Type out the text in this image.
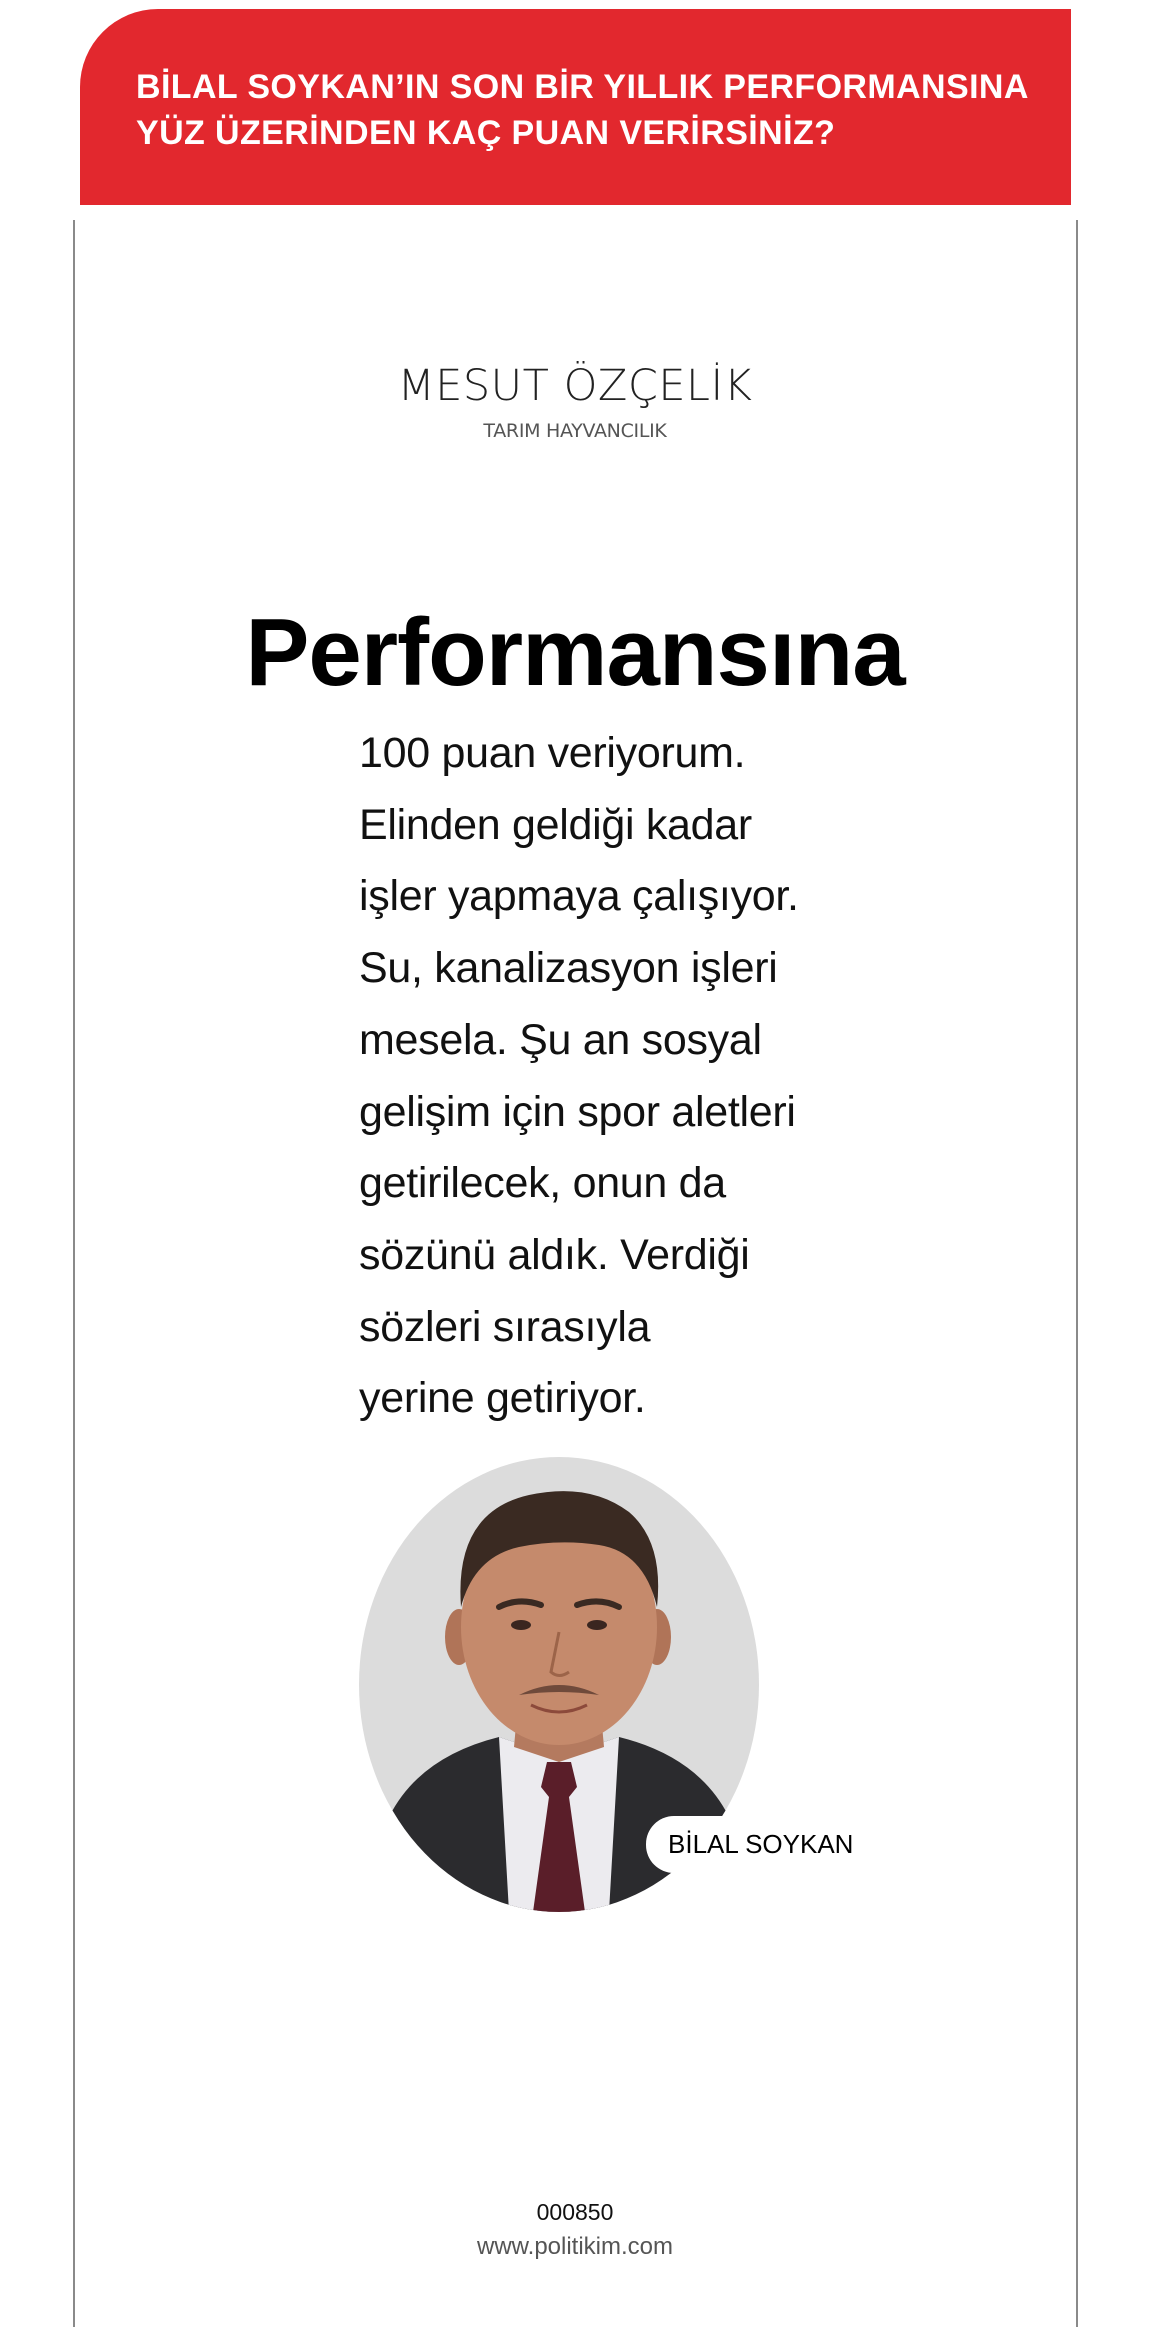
BİLAL SOYKAN’IN SON BİR YILLIK PERFORMANSINA
YÜZ ÜZERİNDEN KAÇ PUAN VERİRSİNİZ?
MESUT ÖZÇELİK
TARIM HAYVANCILIK
Performansına
100 puan veriyorum.
Elinden geldiği kadar
işler yapmaya çalışıyor.
Su, kanalizasyon işleri
mesela. Şu an sosyal
gelişim için spor aletleri
getirilecek, onun da
sözünü aldık. Verdiği
sözleri sırasıyla
yerine getiriyor.
BİLAL SOYKAN
000850
www.politikim.com
